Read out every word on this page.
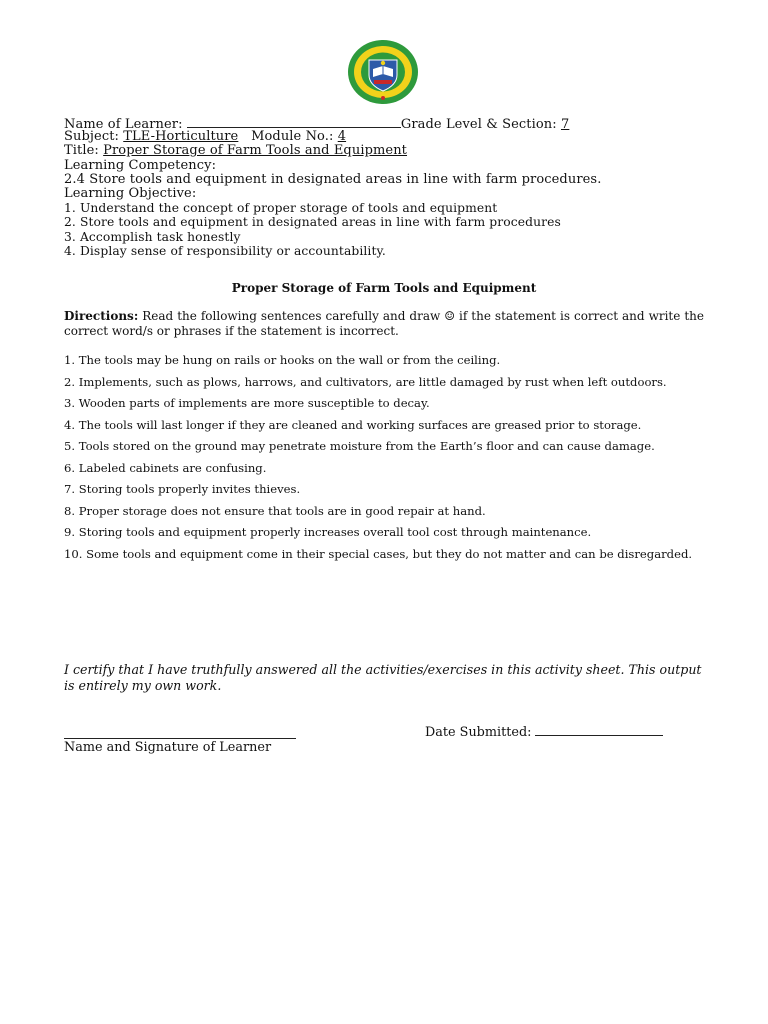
Name of Learner:	Grade Level & Section: 7
Subject: TLE-Horticulture Module No.: 4
Title: Proper Storage of Farm Tools and Equipment
Learning Competency:
2.4 Store tools and equipment in designated areas in line with farm procedures.
Learning Objective:
1. Understand the concept of proper storage of tools and equipment
2. Store tools and equipment in designated areas in line with farm procedures
3. Accomplish task honestly
4. Display sense of responsibility or accountability.
Proper Storage of Farm Tools and Equipment
Directions: Read the following sentences carefully and draw ☺ if the statement is correct and write the correct word/s or phrases if the statement is incorrect.

1. The tools may be hung on rails or hooks on the wall or from the ceiling.

2. Implements, such as plows, harrows, and cultivators, are little damaged by rust when left outdoors.

3. Wooden parts of implements are more susceptible to decay.

4. The tools will last longer if they are cleaned and working surfaces are greased prior to storage.

5. Tools stored on the ground may penetrate moisture from the Earth’s floor and can cause damage.

6. Labeled cabinets are confusing.

7. Storing tools properly invites thieves.

8. Proper storage does not ensure that tools are in good repair at hand.

9. Storing tools and equipment properly increases overall tool cost through maintenance.

10. Some tools and equipment come in their special cases, but they do not matter and can be disregarded.

I certify that I have truthfully answered all the activities/exercises in this activity sheet. This output is entirely my own work.
Name and Signature of Learner
Date Submitted:
